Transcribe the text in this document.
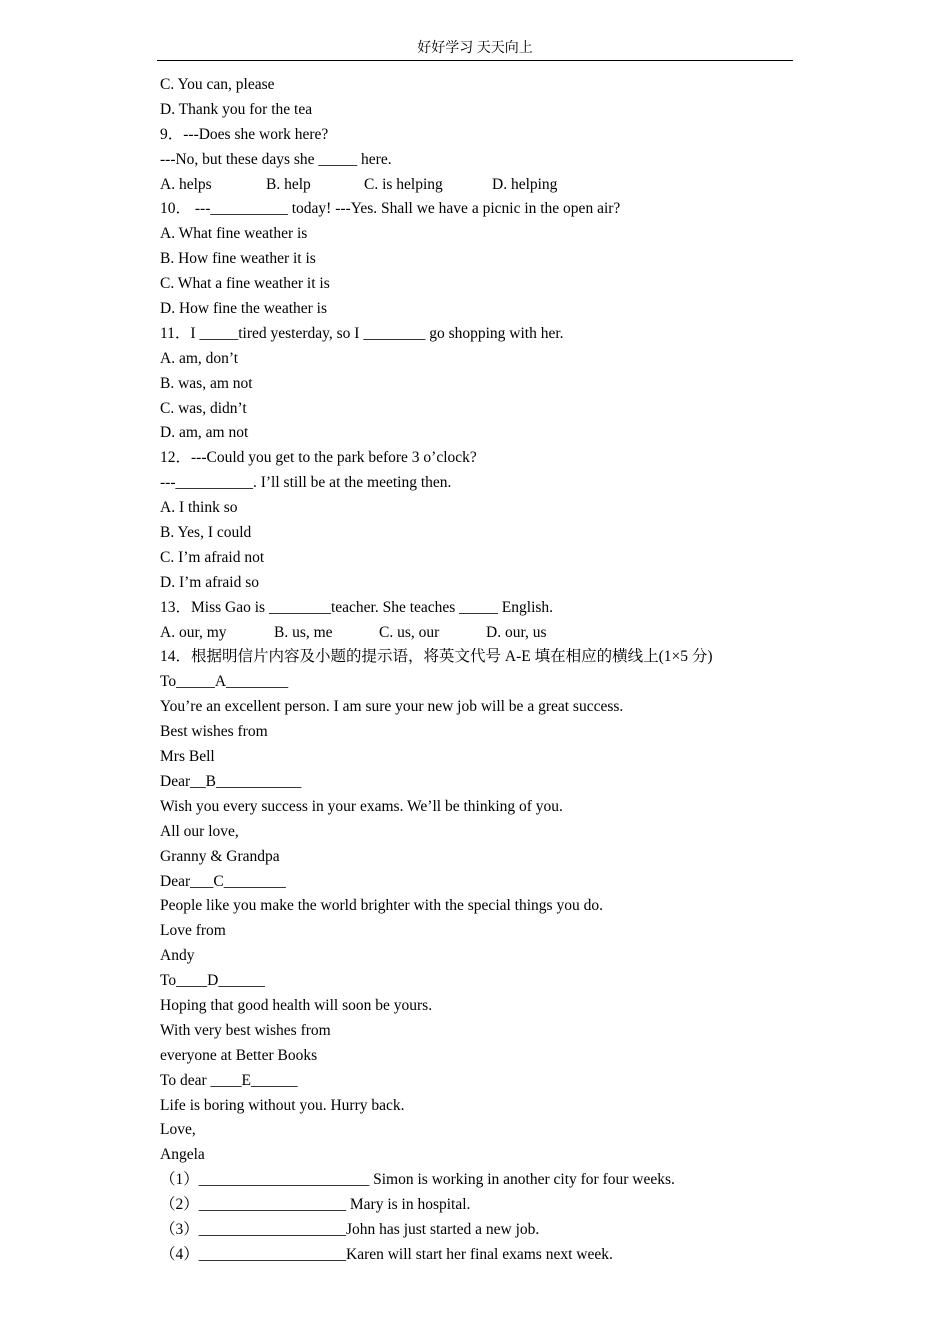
好好学习 天天向上
C. You can, please
D. Thank you for the tea
9．---Does she work here?
---No, but these days she _____ here.
A. helps	B. help	C. is helping	D. helping
10． ---__________ today! ---Yes. Shall we have a picnic in the open air?
A. What fine weather is
B. How fine weather it is
C. What a fine weather it is
D. How fine the weather is
11．I _____tired yesterday, so I ________ go shopping with her.
A. am, don’t
B. was, am not
C. was, didn’t
D. am, am not
12．---Could you get to the park before 3 o’clock?
---__________. I’ll still be at the meeting then.
A. I think so
B. Yes, I could
C. I’m afraid not
D. I’m afraid so
13．Miss Gao is ________teacher. She teaches _____ English.
A. our, my	B. us, me	C. us, our	D. our, us
14．根据明信片内容及小题的提示语，将英文代号 A-E 填在相应的横线上(1×5 分)
To_____A________
You’re an excellent person. I am sure your new job will be a great success.
Best wishes from
Mrs Bell
Dear__B___________
Wish you every success in your exams. We’ll be thinking of you.
All our love,
Granny & Grandpa
Dear___C________
People like you make the world brighter with the special things you do.
Love from
Andy
To____D______
Hoping that good health will soon be yours.
With very best wishes from
everyone at Better Books
To dear ____E______
Life is boring without you. Hurry back.
Love,
Angela
（1）______________________ Simon is working in another city for four weeks.
（2）___________________ Mary is in hospital.
（3）___________________John has just started a new job.
（4）___________________Karen will start her final exams next week.
